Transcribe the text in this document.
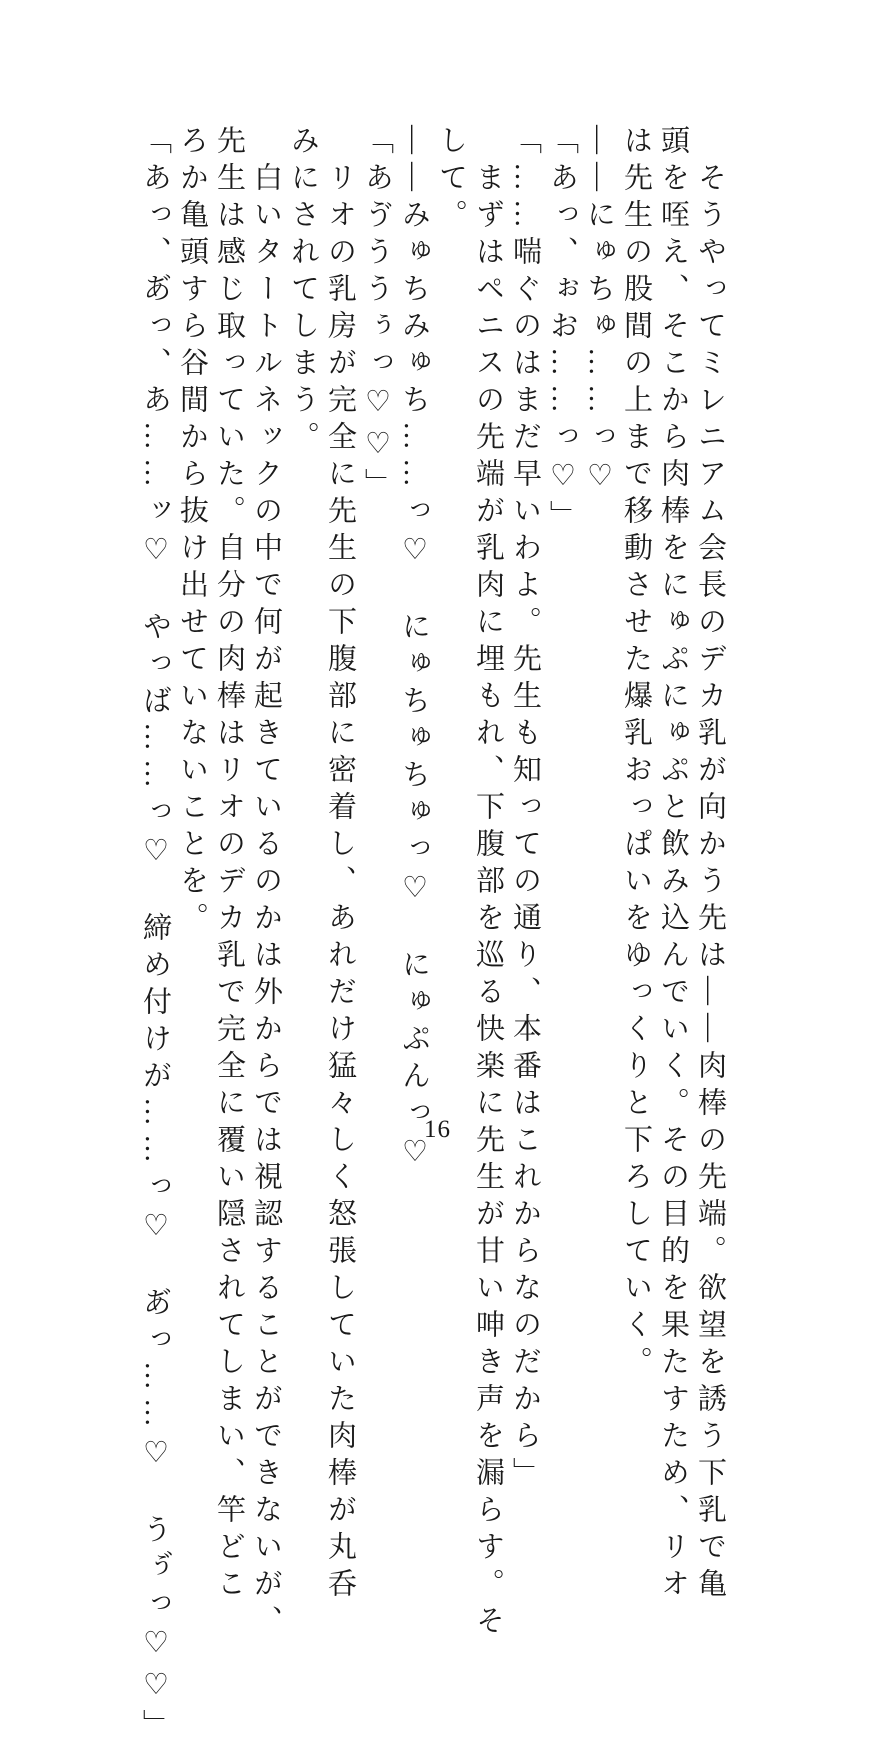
そうやってミレニアム会長のデカ乳が向かう先は――肉棒の先端。欲望を誘う下乳で亀
頭を咥え、そこから肉棒をにゅぷにゅぷと飲み込んでいく。その目的を果たすため、リオ
は先生の股間の上まで移動させた爆乳おっぱいをゆっくりと下ろしていく。
――にゅちゅ……っ♡
「あっ、ぉお……っ♡」
「……喘ぐのはまだ早いわよ。先生も知っての通り、本番はこれからなのだから」
まずはペニスの先端が乳肉に埋もれ、下腹部を巡る快楽に先生が甘い呻き声を漏らす。そ
して。
――みゅちみゅち……っ♡　にゅちゅちゅっ♡　にゅぷんっ♡
「あゔううぅっ♡♡」
リオの乳房が完全に先生の下腹部に密着し、あれだけ猛々しく怒張していた肉棒が丸呑
みにされてしまう。
白いタートルネックの中で何が起きているのかは外からでは視認することができないが、
先生は感じ取っていた。自分の肉棒はリオのデカ乳で完全に覆い隠されてしまい、竿どこ
ろか亀頭すら谷間から抜け出せていないことを。
「あっ、あ゙っ、あ……ッ♡　やっば……っ♡　締め付けが……っ♡　あ゙っ……♡　うぅ゙っ♡♡」
16
